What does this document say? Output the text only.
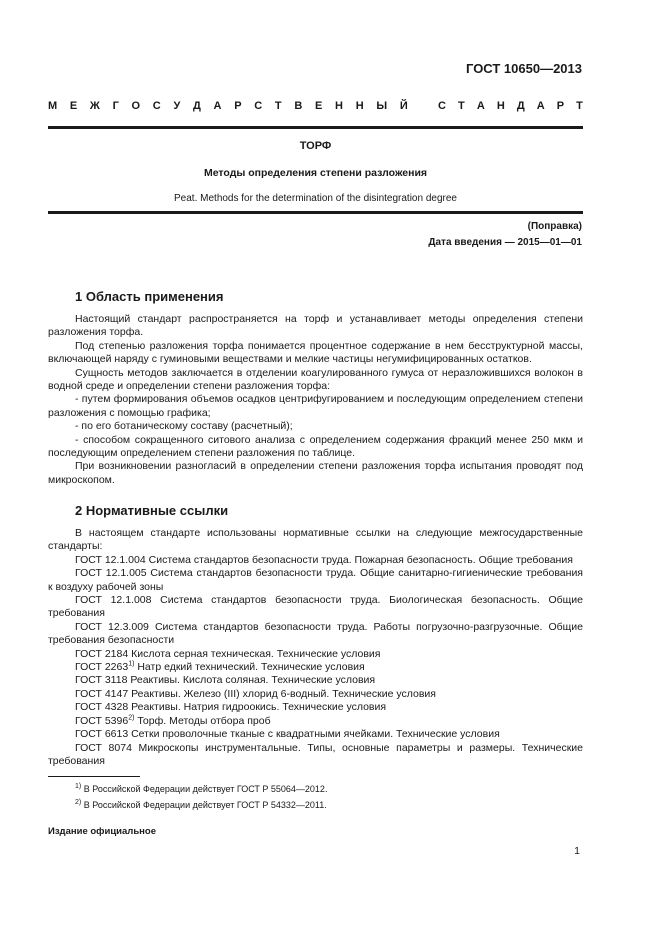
ГОСТ 10650—2013
М Е Ж Г О С У Д А Р С Т В Е Н Н Ы Й	С Т А Н Д А Р Т
ТОРФ
Методы определения степени разложения
Peat. Methods for the determination of the disintegration degree
(Поправка)
Дата введения — 2015—01—01
1 Область применения

Настоящий стандарт распространяется на торф и устанавливает методы определения степени разложения торфа.

Под степенью разложения торфа понимается процентное содержание в нем бесструктурной массы, включающей наряду с гуминовыми веществами и мелкие частицы негумифицированных остатков.

Сущность методов заключается в отделении коагулированного гумуса от неразложившихся волокон в водной среде и определении степени разложения торфа:

- путем формирования объемов осадков центрифугированием и последующим определением степени разложения с помощью графика;

- по его ботаническому составу (расчетный);

- способом сокращенного ситового анализа с определением содержания фракций менее 250 мкм и последующим определением степени разложения по таблице.

При возникновении разногласий в определении степени разложения торфа испытания проводят под микроскопом.

2 Нормативные ссылки

В настоящем стандарте использованы нормативные ссылки на следующие межгосударственные стандарты:

ГОСТ 12.1.004 Система стандартов безопасности труда. Пожарная безопасность. Общие требования

ГОСТ 12.1.005 Система стандартов безопасности труда. Общие санитарно-гигиенические требования к воздуху рабочей зоны

ГОСТ 12.1.008 Система стандартов безопасности труда. Биологическая безопасность. Общие требования

ГОСТ 12.3.009 Система стандартов безопасности труда. Работы погрузочно-разгрузочные. Общие требования безопасности

ГОСТ 2184 Кислота серная техническая. Технические условия

ГОСТ 2263$^{1)}$ Натр едкий технический. Технические условия

ГОСТ 3118 Реактивы. Кислота соляная. Технические условия

ГОСТ 4147 Реактивы. Железо (III) хлорид 6-водный. Технические условия

ГОСТ 4328 Реактивы. Натрия гидроокись. Технические условия

ГОСТ 5396$^{2)}$ Торф. Методы отбора проб

ГОСТ 6613 Сетки проволочные тканые с квадратными ячейками. Технические условия

ГОСТ 8074 Микроскопы инструментальные. Типы, основные параметры и размеры. Технические требования

$^{1)}$ В Российской Федерации действует ГОСТ Р 55064—2012.
$^{2)}$ В Российской Федерации действует ГОСТ Р 54332—2011.
Издание официальное
1
